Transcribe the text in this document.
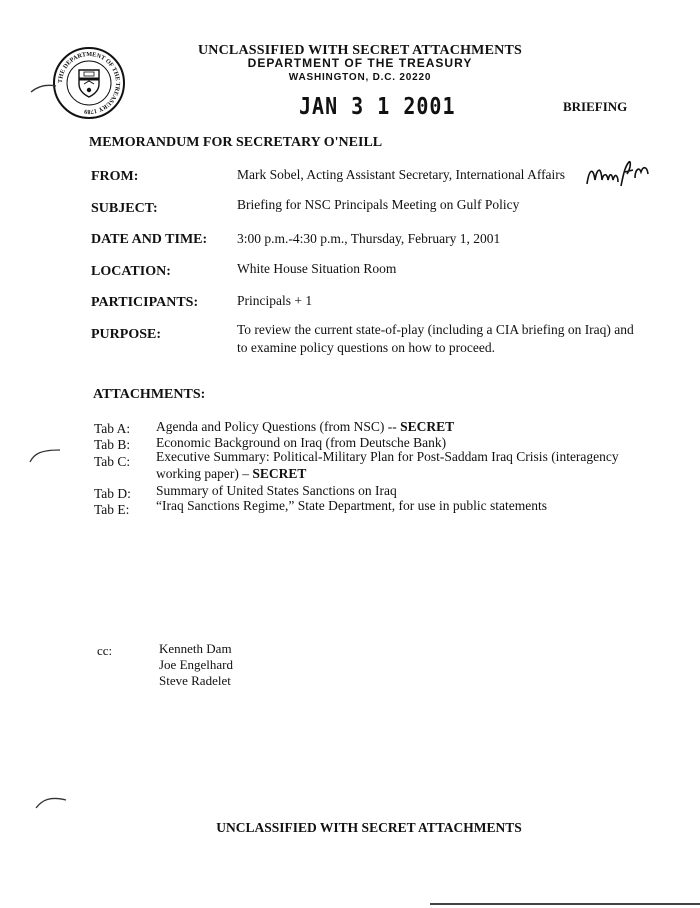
THE DEPARTMENT OF THE TREASURY 1789
UNCLASSIFIED WITH SECRET ATTACHMENTS
DEPARTMENT OF THE TREASURY
WASHINGTON, D.C. 20220
JAN 3 1 2001	BRIEFING
MEMORANDUM FOR SECRETARY O'NEILL
FROM:	Mark Sobel, Acting Assistant Secretary, International Affairs
SUBJECT:	Briefing for NSC Principals Meeting on Gulf Policy
DATE AND TIME: 3:00 p.m.-4:30 p.m., Thursday, February 1, 2001
LOCATION:	White House Situation Room
PARTICIPANTS:	Principals + 1
PURPOSE:	To review the current state-of-play (including a CIA briefing on Iraq) and to examine policy questions on how to proceed.
ATTACHMENTS:
Tab A: Agenda and Policy Questions (from NSC) -- SECRET
Tab B: Economic Background on Iraq (from Deutsche Bank)
Tab C: Executive Summary: Political-Military Plan for Post-Saddam Iraq Crisis (interagency working paper) – SECRET
Tab D: Summary of United States Sanctions on Iraq
Tab E: “Iraq Sanctions Regime,” State Department, for use in public statements
cc:	Kenneth Dam
Joe Engelhard
Steve Radelet
UNCLASSIFIED WITH SECRET ATTACHMENTS
